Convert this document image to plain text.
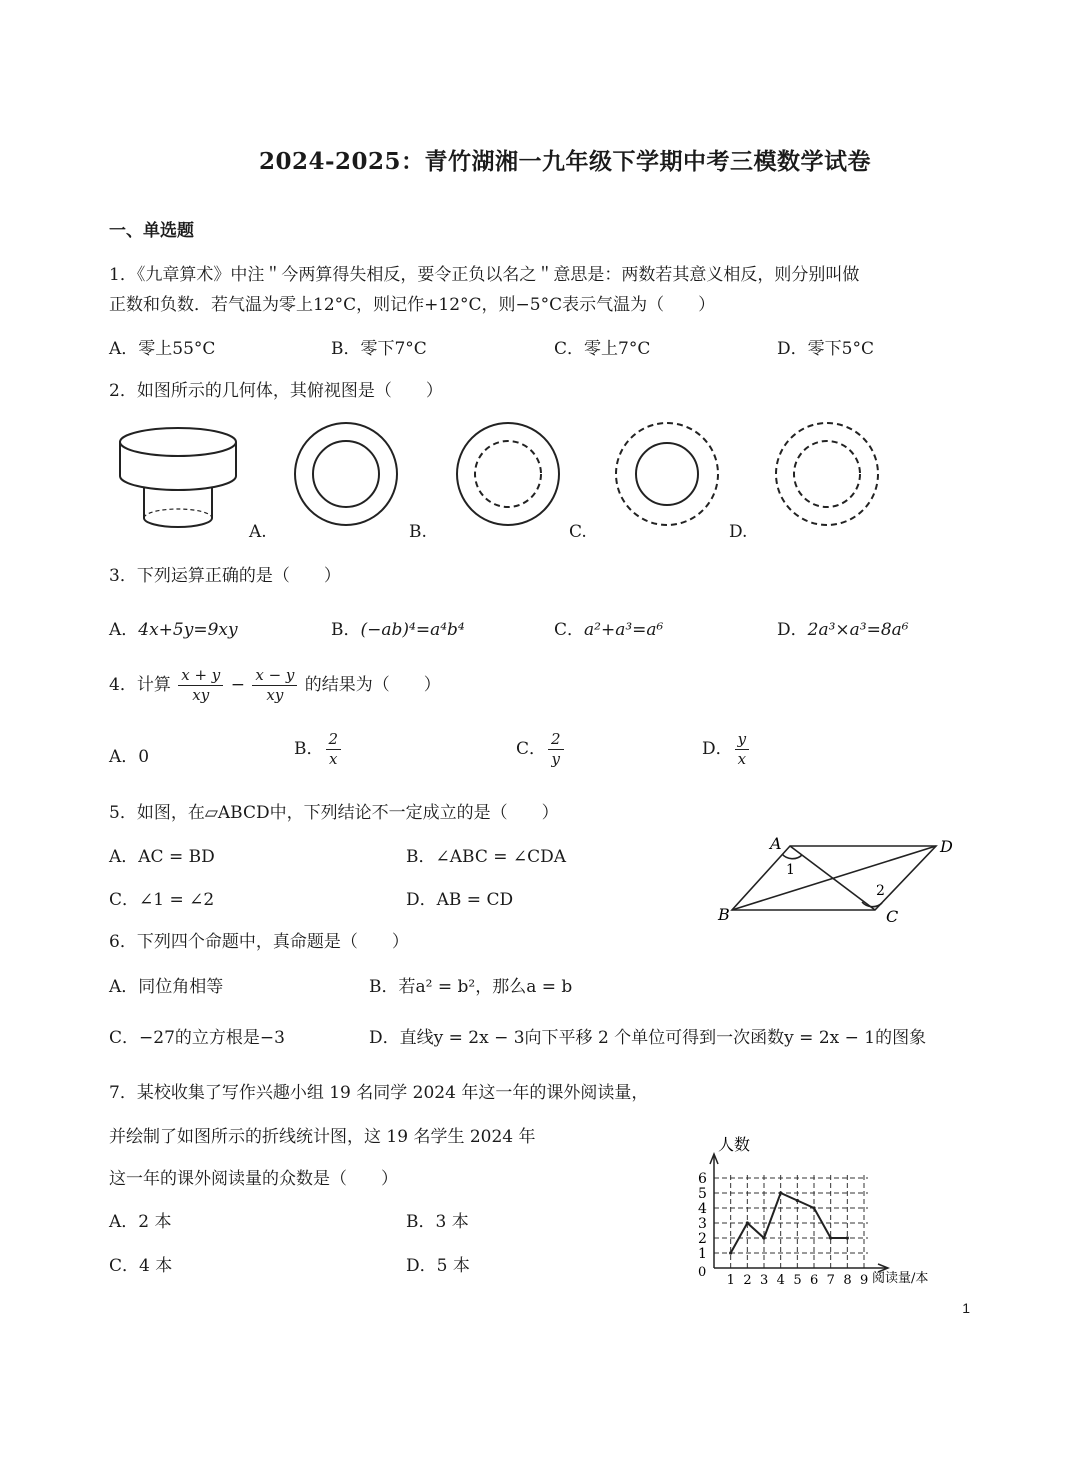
2024-2025：青竹湖湘一九年级下学期中考三模数学试卷
一、单选题
1．《九章算术》中注＂今两算得失相反，要令正负以名之＂意思是：两数若其意义相反，则分别叫做
正数和负数．若气温为零上12°C，则记作+12°C，则−5°C表示气温为（　　）
A．零上55°C	B．零下7°C	C．零上7°C	D．零下5°C
2．如图所示的几何体，其俯视图是（　　）
A.	B.	C.	D.
3．下列运算正确的是（　　）
A．4x+5y=9xy	B．(−ab)⁴=a⁴b⁴	C．a²+a³=a⁶	D．2a³×a³=8a⁶
4．计算 $\frac{x + y}{xy} - \frac{x - y}{xy}$ 的结果为（　　）
A．0	B． $\frac{2}{x}$	C． $\frac{2}{y}$	D． $\frac{y}{x}$
5．如图，在▱ABCD中，下列结论不一定成立的是（　　）
A．AC = BD	B．∠ABC = ∠CDA
C．∠1 = ∠2	D．AB = CD
A	D
B	C
1
2
6．下列四个命题中，真命题是（　　）
A．同位角相等	B．若a² = b²，那么a = b
C．−27的立方根是−3	D．直线y = 2x − 3向下平移 2 个单位可得到一次函数y = 2x − 1的图象
7．某校收集了写作兴趣小组 19 名同学 2024 年这一年的课外阅读量，
并绘制了如图所示的折线统计图，这 19 名学生 2024 年
这一年的课外阅读量的众数是（　　）
A．2 本	B．3 本
C．4 本	D．5 本
1
2
3
4
5
6
1 2 3 4 5 6 7 8 9
人数
阅读量/本
0
1
